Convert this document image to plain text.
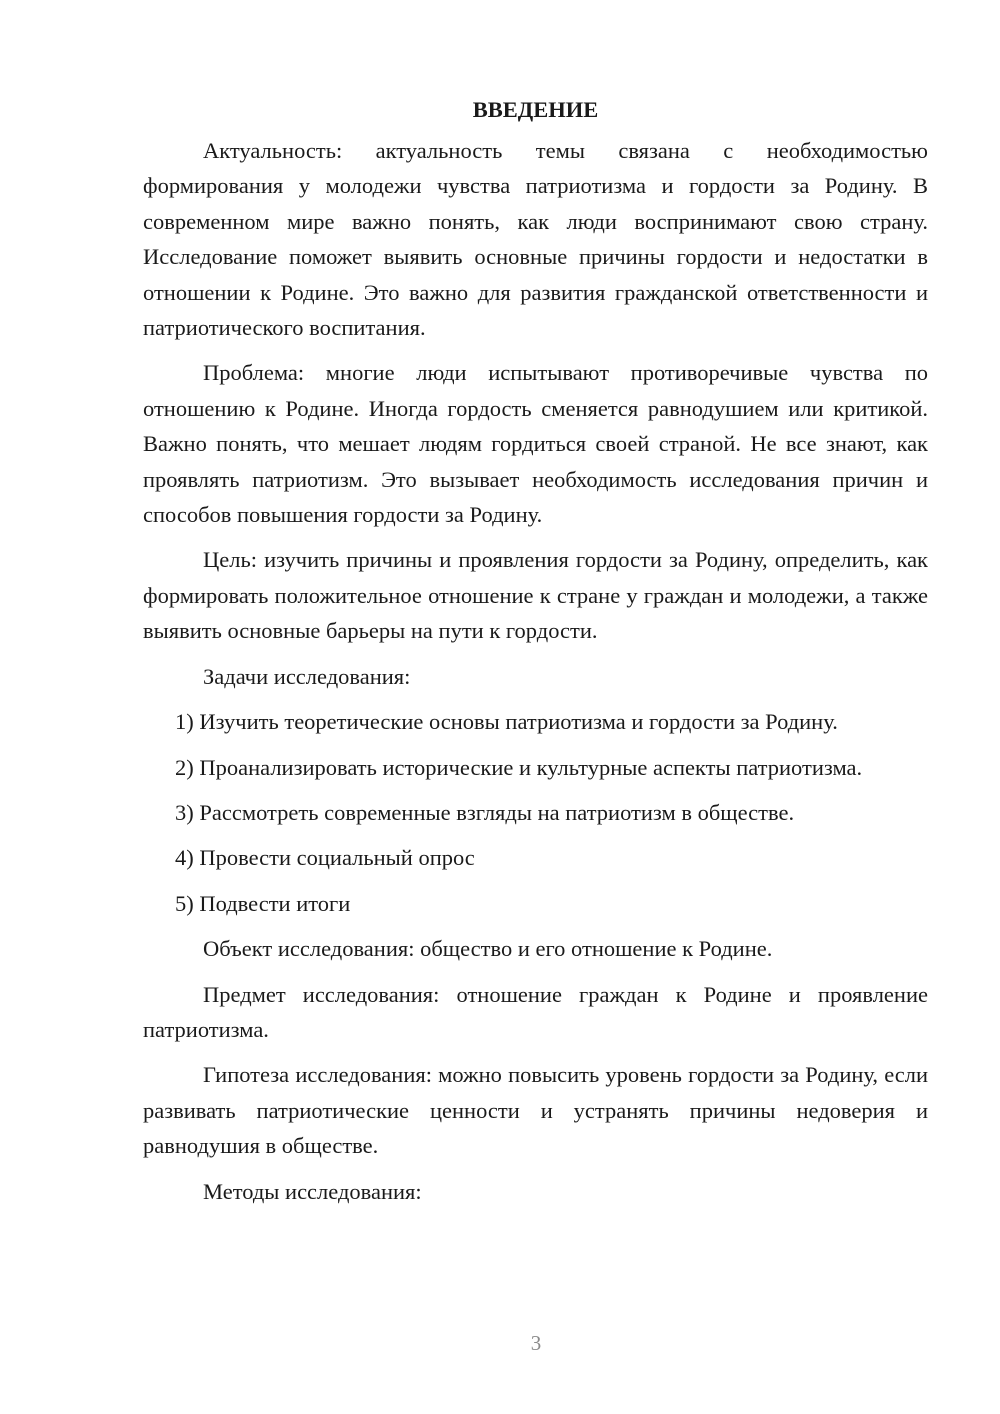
ВВЕДЕНИЕ

Актуальность: актуальность темы связана с необходимостью формирования у молодежи чувства патриотизма и гордости за Родину. В современном мире важно понять, как люди воспринимают свою страну. Исследование поможет выявить основные причины гордости и недостатки в отношении к Родине. Это важно для развития гражданской ответственности и патриотического воспитания.

Проблема: многие люди испытывают противоречивые чувства по отношению к Родине. Иногда гордость сменяется равнодушием или критикой. Важно понять, что мешает людям гордиться своей страной. Не все знают, как проявлять патриотизм. Это вызывает необходимость исследования причин и способов повышения гордости за Родину.

Цель: изучить причины и проявления гордости за Родину, определить, как формировать положительное отношение к стране у граждан и молодежи, а также выявить основные барьеры на пути к гордости.

Задачи исследования:

1) Изучить теоретические основы патриотизма и гордости за Родину.

2) Проанализировать исторические и культурные аспекты патриотизма.

3) Рассмотреть современные взгляды на патриотизм в обществе.

4) Провести социальный опрос

5) Подвести итоги

Объект исследования: общество и его отношение к Родине.

Предмет исследования: отношение граждан к Родине и проявление патриотизма.

Гипотеза исследования: можно повысить уровень гордости за Родину, если развивать патриотические ценности и устранять причины недоверия и равнодушия в обществе.

Методы исследования:

3
